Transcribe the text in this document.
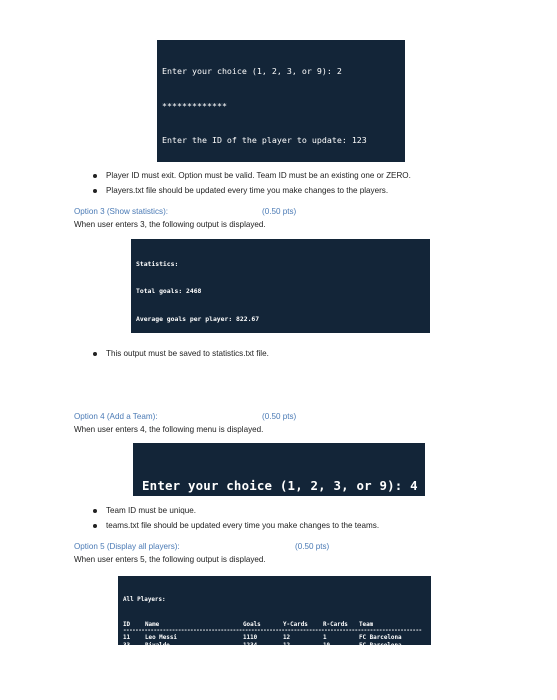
Enter your choice (1, 2, 3, or 9): 2

*************

Enter the ID of the player to update: 123

Player ID must exit. Option must be valid. Team ID must be an existing one or ZERO.
Players.txt file should be updated every time you make changes to the players.
Option 3 (Show statistics):	(0.50 pts)
When user enters 3, the following output is displayed.

Statistics:

Total goals: 2468

Average goals per player: 822.67

This output must be saved to statistics.txt file.
Option 4 (Add a Team):	(0.50 pts)
When user enters 4, the following menu is displayed.

Enter your choice (1, 2, 3, or 9): 4

Team ID must be unique.
teams.txt file should be updated every time you make changes to the teams.
Option 5 (Display all players):	(0.50 pts)
When user enters 5, the following output is displayed.

All Players:

ID	Name	Goals	Y-Cards	R-Cards	Team
--------------------------------------------------------------------------------------------------					
11	Leo Messi	1110	12	1	FC Barcelona
